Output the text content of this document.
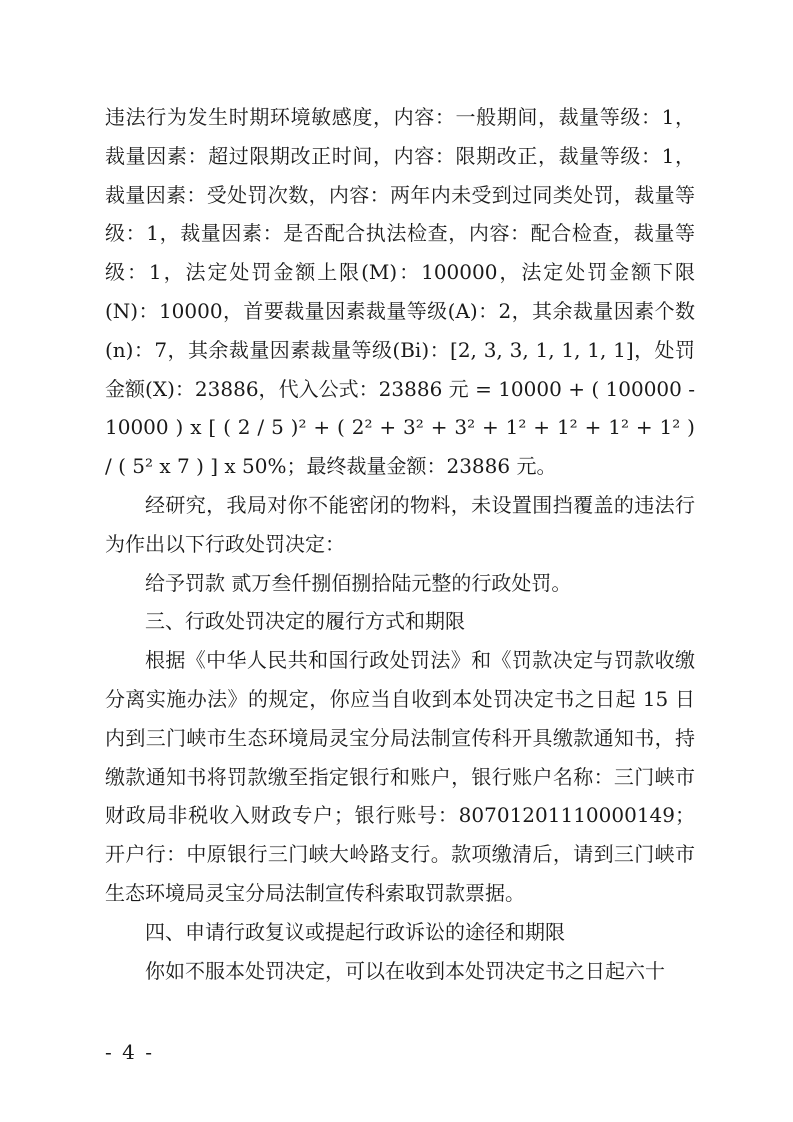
违法行为发生时期环境敏感度，内容：一般期间，裁量等级：1，裁量因素：超过限期改正时间，内容：限期改正，裁量等级：1，裁量因素：受处罚次数，内容：两年内未受到过同类处罚，裁量等级：1，裁量因素：是否配合执法检查，内容：配合检查，裁量等级：1，法定处罚金额上限(M)：100000，法定处罚金额下限(N)：10000，首要裁量因素裁量等级(A)：2，其余裁量因素个数(n)：7，其余裁量因素裁量等级(Bi)：[2, 3, 3, 1, 1, 1, 1]，处罚金额(X)：23886，代入公式：23886 元 = 10000 + ( 100000 - 10000 ) x [ ( 2 / 5 )² + ( 2² + 3² + 3² + 1² + 1² + 1² + 1² ) / ( 5² x 7 ) ] x 50%；最终裁量金额：23886 元。

经研究，我局对你不能密闭的物料，未设置围挡覆盖的违法行为作出以下行政处罚决定：

给予罚款 贰万叁仟捌佰捌拾陆元整的行政处罚。

三、行政处罚决定的履行方式和期限

根据《中华人民共和国行政处罚法》和《罚款决定与罚款收缴分离实施办法》的规定，你应当自收到本处罚决定书之日起 15 日内到三门峡市生态环境局灵宝分局法制宣传科开具缴款通知书，持缴款通知书将罚款缴至指定银行和账户，银行账户名称：三门峡市财政局非税收入财政专户；银行账号：80701201110000149；开户行：中原银行三门峡大岭路支行。款项缴清后，请到三门峡市生态环境局灵宝分局法制宣传科索取罚款票据。

四、申请行政复议或提起行政诉讼的途径和期限

你如不服本处罚决定，可以在收到本处罚决定书之日起六十

- 4 -
